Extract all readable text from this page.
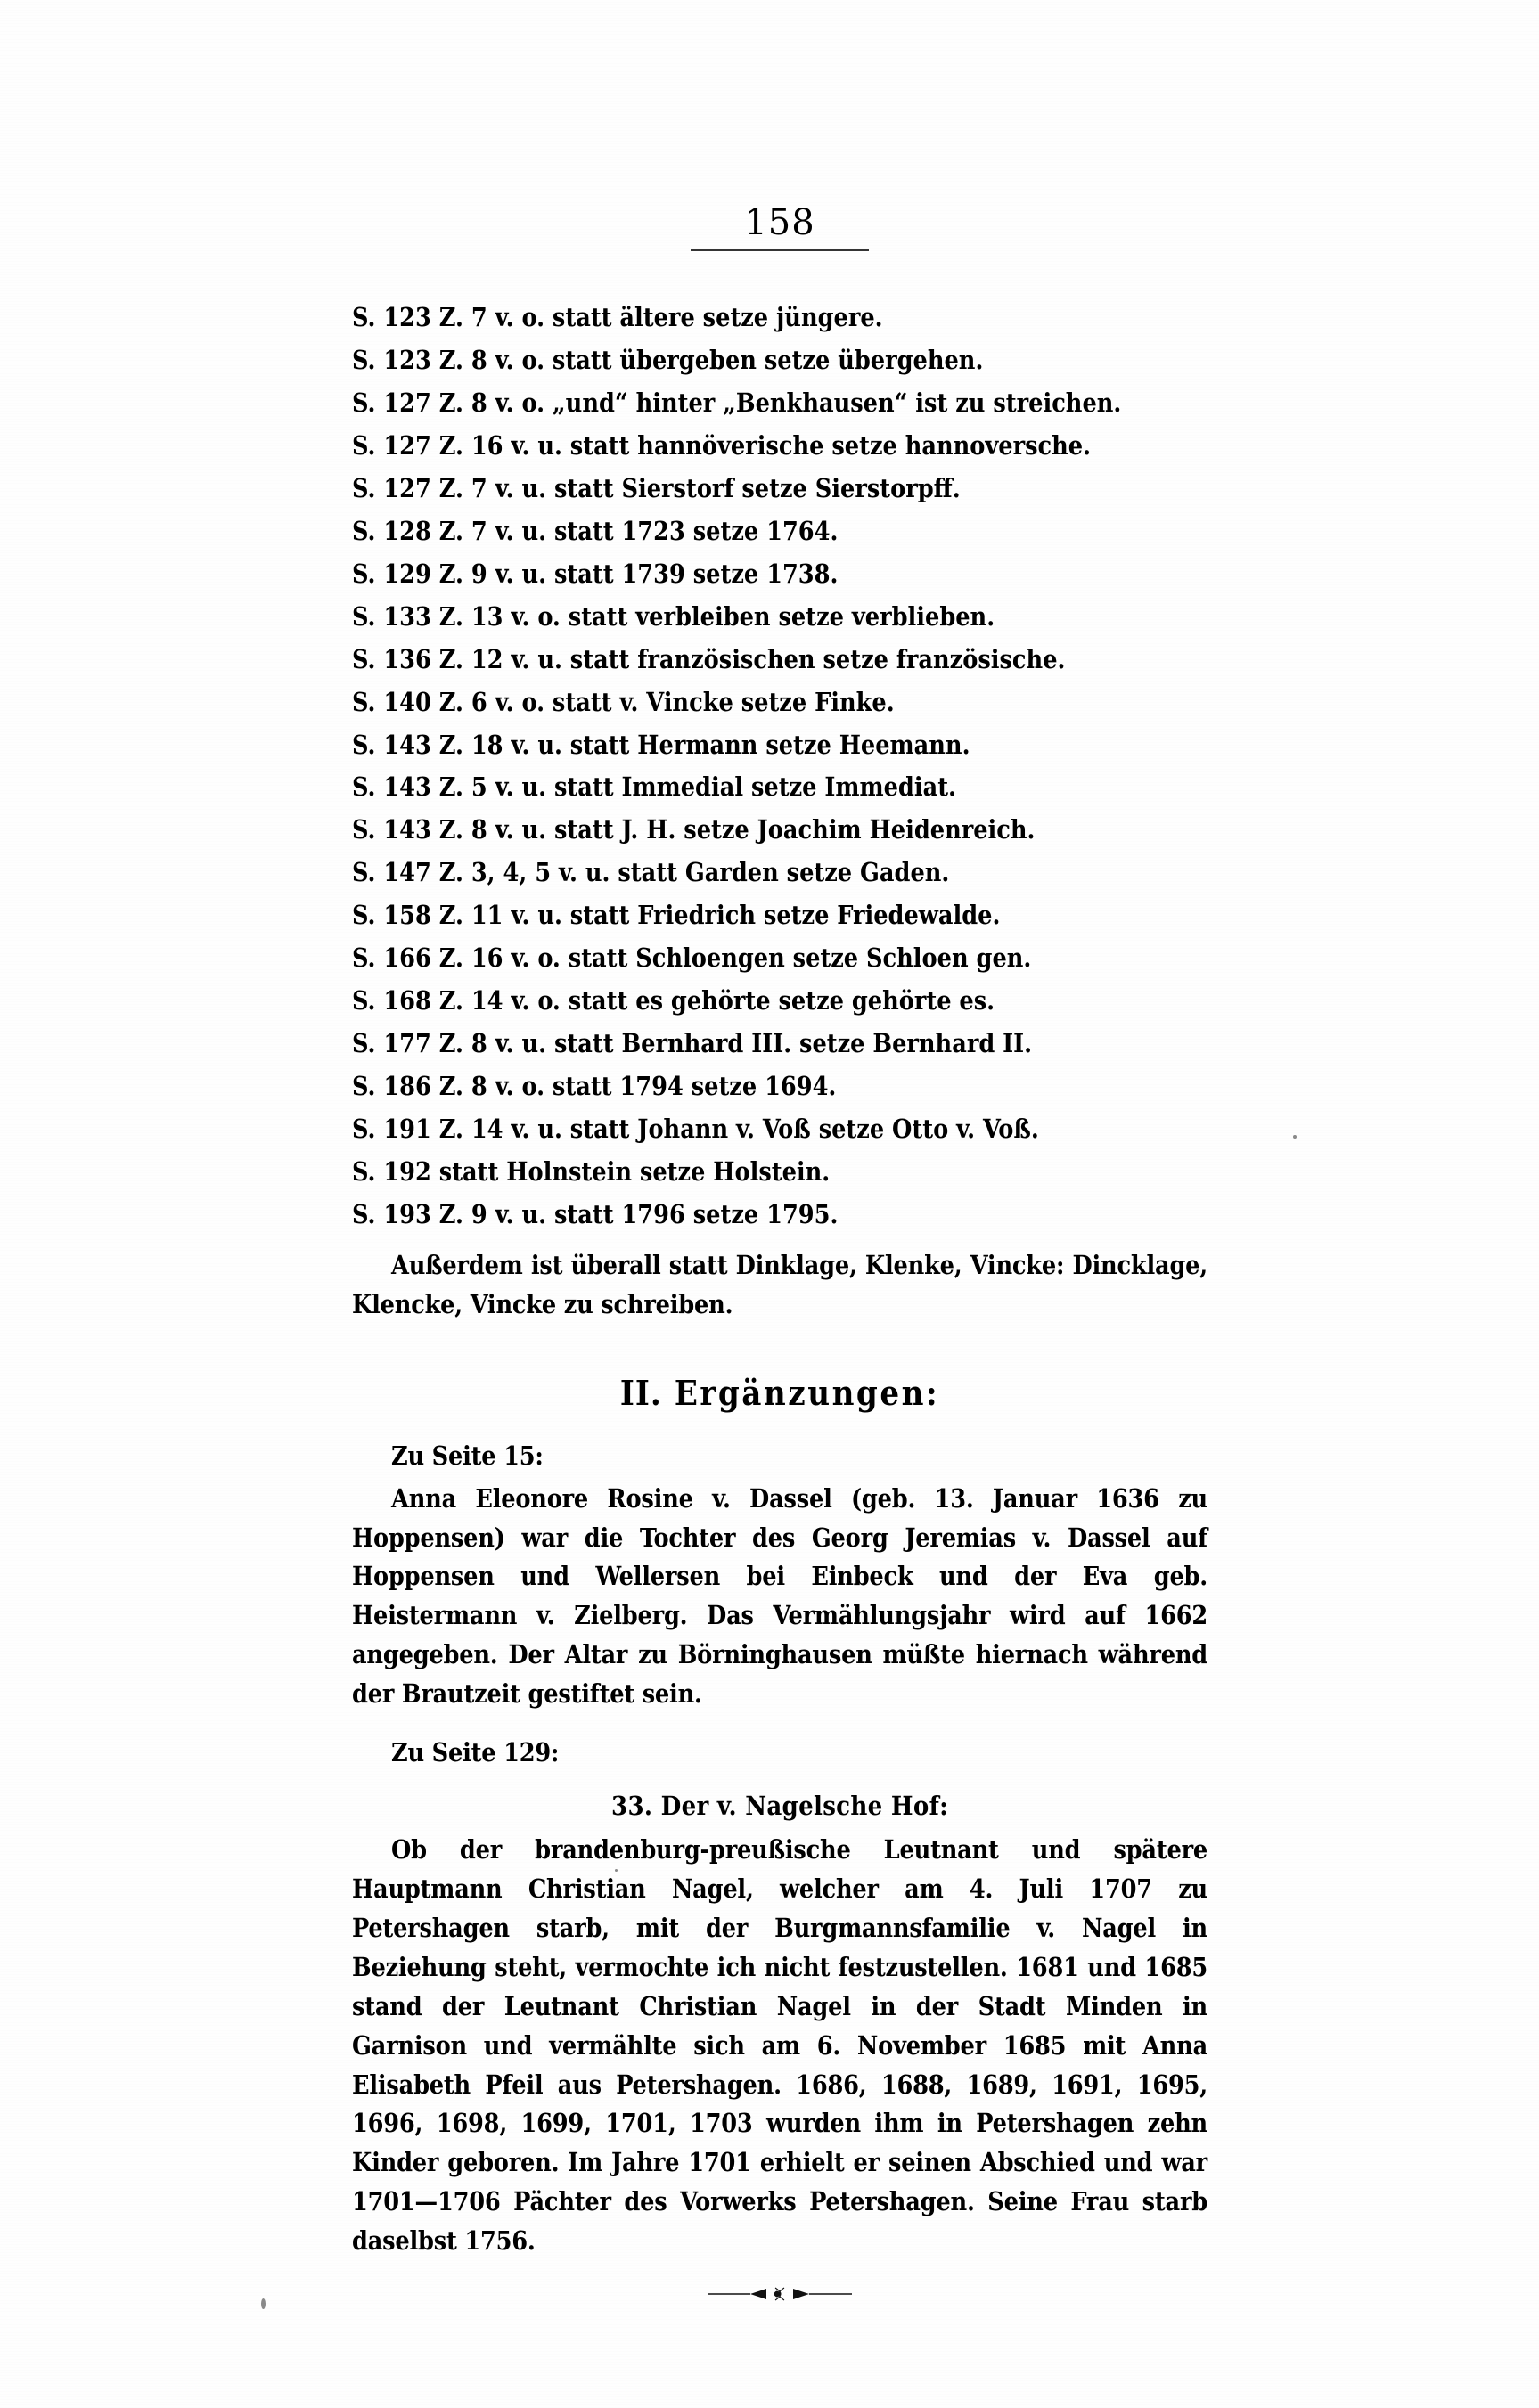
158
S. 123 Z. 7 v. o. statt ältere setze jüngere.
S. 123 Z. 8 v. o. statt übergeben setze übergehen.
S. 127 Z. 8 v. o. „und“ hinter „Benkhausen“ ist zu streichen.
S. 127 Z. 16 v. u. statt hannöverische setze hannoversche.
S. 127 Z. 7 v. u. statt Sierstorf setze Sierstorpff.
S. 128 Z. 7 v. u. statt 1723 setze 1764.
S. 129 Z. 9 v. u. statt 1739 setze 1738.
S. 133 Z. 13 v. o. statt verbleiben setze verblieben.
S. 136 Z. 12 v. u. statt französischen setze französische.
S. 140 Z. 6 v. o. statt v. Vincke setze Finke.
S. 143 Z. 18 v. u. statt Hermann setze Heemann.
S. 143 Z. 5 v. u. statt Immedial setze Immediat.
S. 143 Z. 8 v. u. statt J. H. setze Joachim Heidenreich.
S. 147 Z. 3, 4, 5 v. u. statt Garden setze Gaden.
S. 158 Z. 11 v. u. statt Friedrich setze Friedewalde.
S. 166 Z. 16 v. o. statt Schloengen setze Schloen gen.
S. 168 Z. 14 v. o. statt es gehörte setze gehörte es.
S. 177 Z. 8 v. u. statt Bernhard III. setze Bernhard II.
S. 186 Z. 8 v. o. statt 1794 setze 1694.
S. 191 Z. 14 v. u. statt Johann v. Voß setze Otto v. Voß.
S. 192 statt Holnstein setze Holstein.
S. 193 Z. 9 v. u. statt 1796 setze 1795.

Außerdem ist überall statt Dinklage, Klenke, Vincke: Dincklage, Klencke, Vincke zu schreiben.

II. Ergänzungen:

Zu Seite 15:

Anna Eleonore Rosine v. Dassel (geb. 13. Januar 1636 zu Hoppensen) war die Tochter des Georg Jeremias v. Dassel auf Hoppensen und Wellersen bei Einbeck und der Eva geb. Heistermann v. Zielberg. Das Vermählungsjahr wird auf 1662 angegeben. Der Altar zu Börninghausen müßte hiernach während der Brautzeit gestiftet sein.

Zu Seite 129:

33. Der v. Nagelsche Hof:

Ob der brandenburg-preußische Leutnant und spätere Hauptmann Christian Nagel, welcher am 4. Juli 1707 zu Petershagen starb, mit der Burgmannsfamilie v. Nagel in Beziehung steht, vermochte ich nicht festzustellen. 1681 und 1685 stand der Leutnant Christian Nagel in der Stadt Minden in Garnison und vermählte sich am 6. November 1685 mit Anna Elisabeth Pfeil aus Petershagen. 1686, 1688, 1689, 1691, 1695, 1696, 1698, 1699, 1701, 1703 wurden ihm in Petershagen zehn Kinder geboren. Im Jahre 1701 erhielt er seinen Abschied und war 1701—1706 Pächter des Vorwerks Petershagen. Seine Frau starb daselbst 1756.
